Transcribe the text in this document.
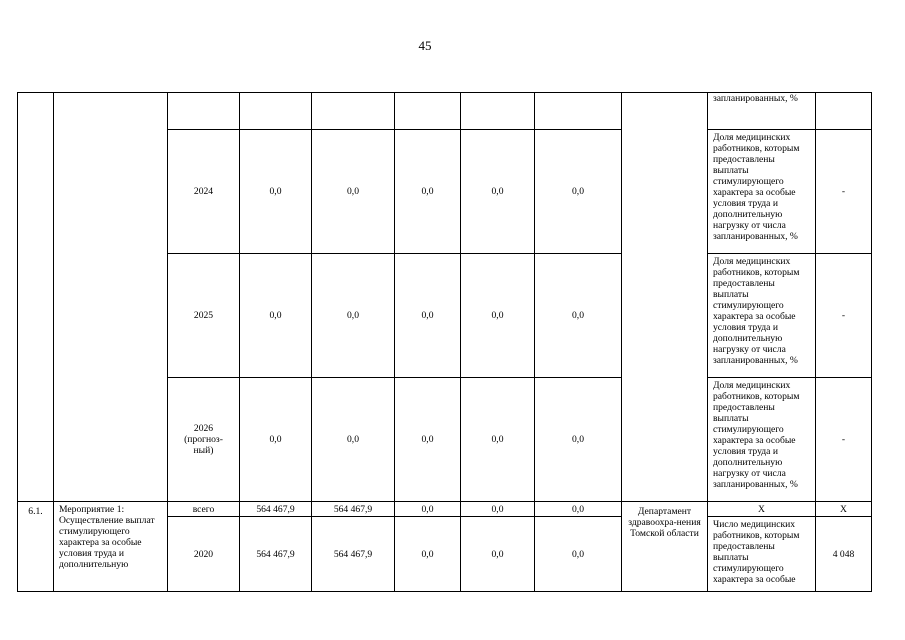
45
									запланированных, %	
		2024	0,0	0,0	0,0	0,0	0,0		Доля медицинских работников, которым предоставлены выплаты стимулирующего характера за особые условия труда и дополнительную нагрузку от числа запланированных, %	-
		2025	0,0	0,0	0,0	0,0	0,0		Доля медицинских работников, которым предоставлены выплаты стимулирующего характера за особые условия труда и дополнительную нагрузку от числа запланированных, %	-
		2026 (прогноз-ный)	0,0	0,0	0,0	0,0	0,0		Доля медицинских работников, которым предоставлены выплаты стимулирующего характера за особые условия труда и дополнительную нагрузку от числа запланированных, %	-
6.1.	Мероприятие 1: Осуществление выплат стимулирующего характера за особые условия труда и дополнительную	всего	564 467,9	564 467,9	0,0	0,0	0,0	Департамент здравоохра-нения Томской области	Х	Х
		2020	564 467,9	564 467,9	0,0	0,0	0,0		Число медицинских работников, которым предоставлены выплаты стимулирующего характера за особые	4 048
